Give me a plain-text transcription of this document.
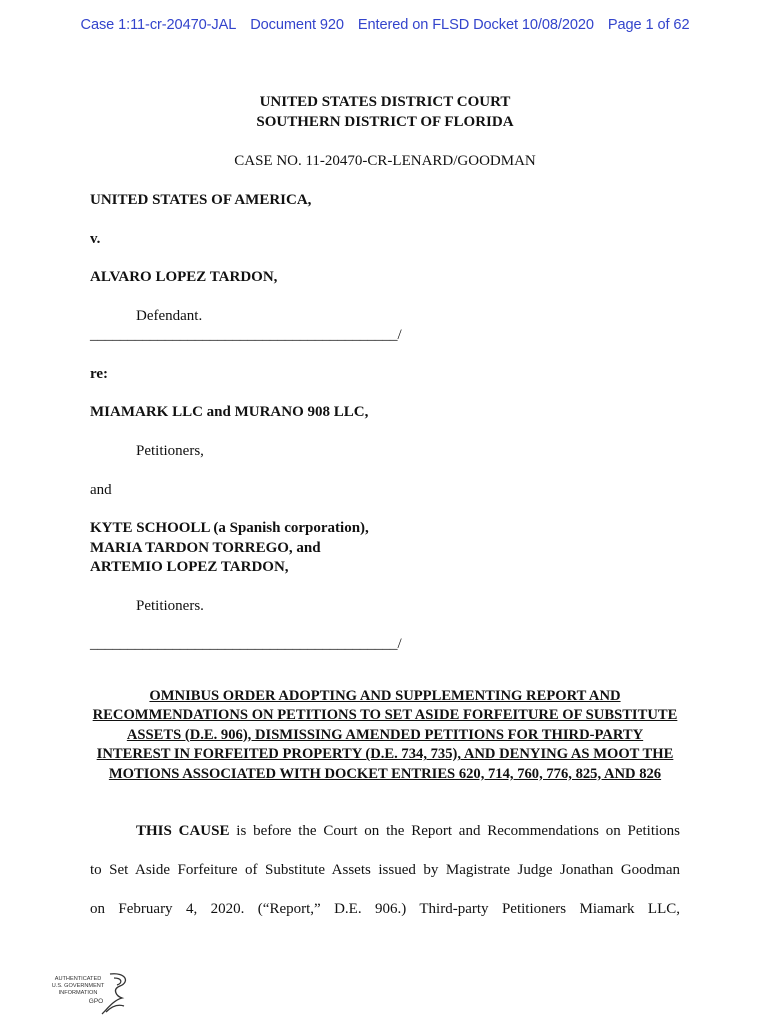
Case 1:11-cr-20470-JAL Document 920 Entered on FLSD Docket 10/08/2020 Page 1 of 62
UNITED STATES DISTRICT COURT
SOUTHERN DISTRICT OF FLORIDA
CASE NO. 11-20470-CR-LENARD/GOODMAN
UNITED STATES OF AMERICA,
v.
ALVARO LOPEZ TARDON,
Defendant.
_________________________________________/
re:
MIAMARK LLC and MURANO 908 LLC,
Petitioners,
and
KYTE SCHOOLL (a Spanish corporation),
MARIA TARDON TORREGO, and
ARTEMIO LOPEZ TARDON,
Petitioners.
_________________________________________/
OMNIBUS ORDER ADOPTING AND SUPPLEMENTING REPORT AND RECOMMENDATIONS ON PETITIONS TO SET ASIDE FORFEITURE OF SUBSTITUTE ASSETS (D.E. 906), DISMISSING AMENDED PETITIONS FOR THIRD-PARTY INTEREST IN FORFEITED PROPERTY (D.E. 734, 735), AND DENYING AS MOOT THE MOTIONS ASSOCIATED WITH DOCKET ENTRIES 620, 714, 760, 776, 825, AND 826
THIS CAUSE is before the Court on the Report and Recommendations on Petitions
to Set Aside Forfeiture of Substitute Assets issued by Magistrate Judge Jonathan Goodman
on February 4, 2020. (“Report,” D.E. 906.) Third-party Petitioners Miamark LLC,
AUTHENTICATED
U.S. GOVERNMENT
INFORMATION
GPO
